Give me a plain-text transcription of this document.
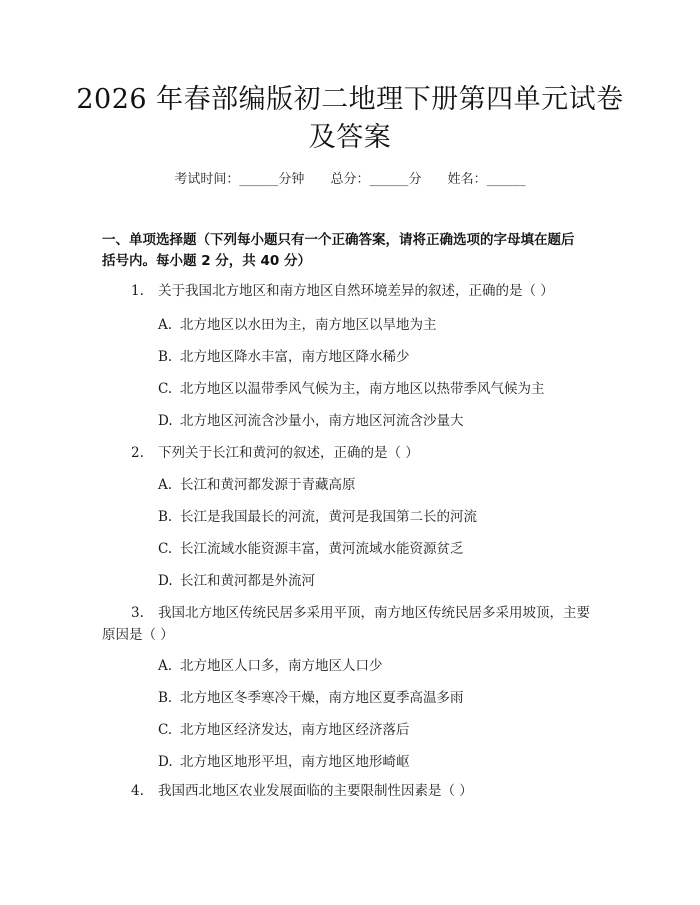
2026 年春部编版初二地理下册第四单元试卷
及答案
考试时间：______分钟 总分：______分 姓名：______
一、单项选择题（下列每小题只有一个正确答案，请将正确选项的字母填在题后
括号内。每小题 2 分，共 40 分）
1. 关于我国北方地区和南方地区自然环境差异的叙述，正确的是（ ）
A. 北方地区以水田为主，南方地区以旱地为主
B. 北方地区降水丰富，南方地区降水稀少
C. 北方地区以温带季风气候为主，南方地区以热带季风气候为主
D. 北方地区河流含沙量小，南方地区河流含沙量大
2. 下列关于长江和黄河的叙述，正确的是（ ）
A. 长江和黄河都发源于青藏高原
B. 长江是我国最长的河流，黄河是我国第二长的河流
C. 长江流域水能资源丰富，黄河流域水能资源贫乏
D. 长江和黄河都是外流河
3. 我国北方地区传统民居多采用平顶，南方地区传统民居多采用坡顶，主要
原因是（ ）
A. 北方地区人口多，南方地区人口少
B. 北方地区冬季寒冷干燥，南方地区夏季高温多雨
C. 北方地区经济发达，南方地区经济落后
D. 北方地区地形平坦，南方地区地形崎岖
4. 我国西北地区农业发展面临的主要限制性因素是（ ）
